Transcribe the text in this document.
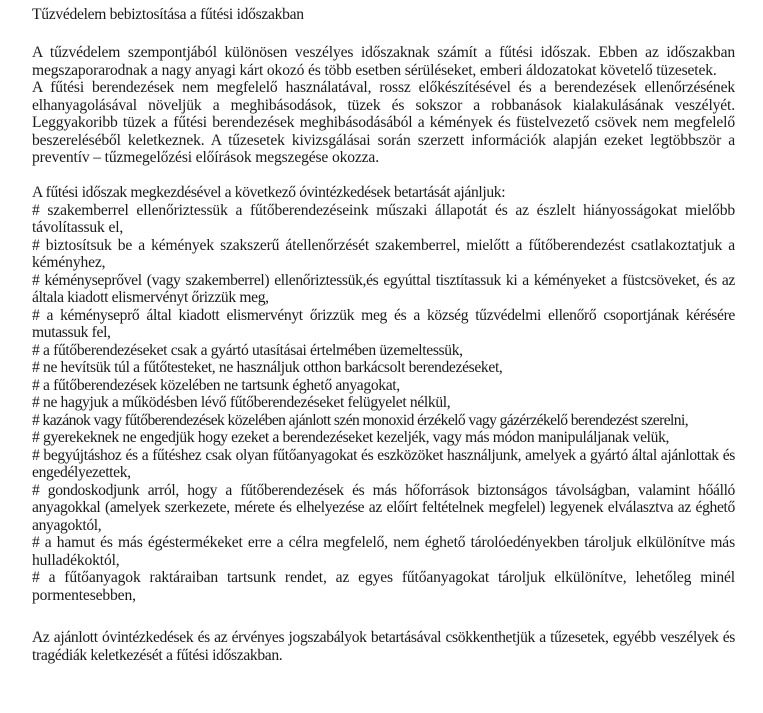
Tűzvédelem bebiztosítása a fűtési időszakban
A tűzvédelem szempontjából különösen veszélyes időszaknak számít a fűtési időszak. Ebben az időszakban megszaporarodnak a nagy anyagi kárt okozó és több esetben sérüléseket, emberi áldozatokat követelő tüzesetek.
A fűtési berendezések nem megfelelő használatával, rossz előkészítésével és a berendezések ellenőrzésének elhanyagolásával növeljük a meghibásodások, tüzek és sokszor a robbanások kialakulásának veszélyét. Leggyakoribb tüzek a fűtési berendezések meghibásodásából a kémények és füstelvezető csövek nem megfelelő beszereléséből keletkeznek. A tűzesetek kivizsgálásai során szerzett információk alapján ezeket legtöbbször a preventív – tűzmegelőzési előírások megszegése okozza.
A fűtési időszak megkezdésével a következő óvintézkedések betartását ajánljuk:
# szakemberrel ellenőriztessük a fűtőberendezéseink műszaki állapotát és az észlelt hiányosságokat mielőbb távolítassuk el,
# biztosítsuk be a kémények szakszerű átellenőrzését szakemberrel, mielőtt a fűtőberendezést csatlakoztatjuk a kéményhez,
# kéményseprővel (vagy szakemberrel) ellenőriztessük,és egyúttal tisztítassuk ki a kéményeket a füstcsöveket, és az általa kiadott elismervényt őrizzük meg,
# a kéményseprő által kiadott elismervényt őrizzük meg és a község tűzvédelmi ellenőrő csoportjának kérésére mutassuk fel,
# a fűtőberendezéseket csak a gyártó utasításai értelmében üzemeltessük,
# ne hevítsük túl a fűtőtesteket, ne használjuk otthon barkácsolt berendezéseket,
# a fűtőberendezések közelében ne tartsunk éghető anyagokat,
# ne hagyjuk a működésben lévő fűtőberendezéseket felügyelet nélkül,
# kazánok vagy fűtőberendezések közelében ajánlott szén monoxid érzékelő vagy gázérzékelő berendezést szerelni,
# gyerekeknek ne engedjük hogy ezeket a berendezéseket kezeljék, vagy más módon manipuláljanak velük,
# begyújtáshoz és a fűtéshez csak olyan fűtőanyagokat és eszközöket használjunk, amelyek a gyártó által ajánlottak és engedélyezettek,
# gondoskodjunk arról, hogy a fűtőberendezések és más hőforrások biztonságos távolságban, valamint hőálló anyagokkal (amelyek szerkezete, mérete és elhelyezése az előírt feltételnek megfelel) legyenek elválasztva az éghető anyagoktól,
# a hamut és más égéstermékeket erre a célra megfelelő, nem éghető tárolóedényekben tároljuk elkülönítve más hulladékoktól,
# a fűtőanyagok raktáraiban tartsunk rendet, az egyes fűtőanyagokat tároljuk elkülönítve, lehetőleg minél pormentesebben,
Az ajánlott óvintézkedések és az érvényes jogszabályok betartásával csökkenthetjük a tűzesetek, egyébb veszélyek és tragédiák keletkezését a fűtési időszakban.
